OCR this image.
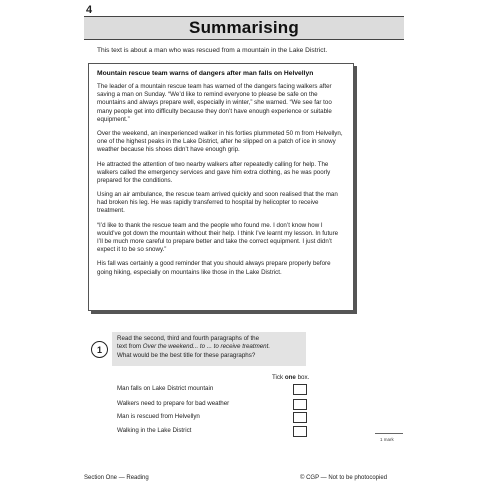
4
Summarising
This text is about a man who was rescued from a mountain in the Lake District.
Mountain rescue team warns of dangers after man falls on Helvellyn

The leader of a mountain rescue team has warned of the dangers facing walkers after saving a man on Sunday. “We’d like to remind everyone to please be safe on the mountains and always prepare well, especially in winter,” she warned. “We see far too many people get into difficulty because they don’t have enough experience or suitable equipment.”

Over the weekend, an inexperienced walker in his forties plummeted 50 m from Helvellyn, one of the highest peaks in the Lake District, after he slipped on a patch of ice in snowy weather because his shoes didn’t have enough grip.

He attracted the attention of two nearby walkers after repeatedly calling for help. The walkers called the emergency services and gave him extra clothing, as he was poorly prepared for the conditions.

Using an air ambulance, the rescue team arrived quickly and soon realised that the man had broken his leg. He was rapidly transferred to hospital by helicopter to receive treatment.

“I’d like to thank the rescue team and the people who found me. I don’t know how I would’ve got down the mountain without their help. I think I’ve learnt my lesson. In future I’ll be much more careful to prepare better and take the correct equipment. I just didn’t expect it to be so snowy.”

His fall was certainly a good reminder that you should always prepare properly before going hiking, especially on mountains like those in the Lake District.

1
Read the second, third and fourth paragraphs of the
text from Over the weekend... to ... to receive treatment.
What would be the best title for these paragraphs?
Tick one box.
Man falls on Lake District mountain
Walkers need to prepare for bad weather
Man is rescued from Helvellyn
Walking in the Lake District
1 mark
Section One — Reading	© CGP — Not to be photocopied
